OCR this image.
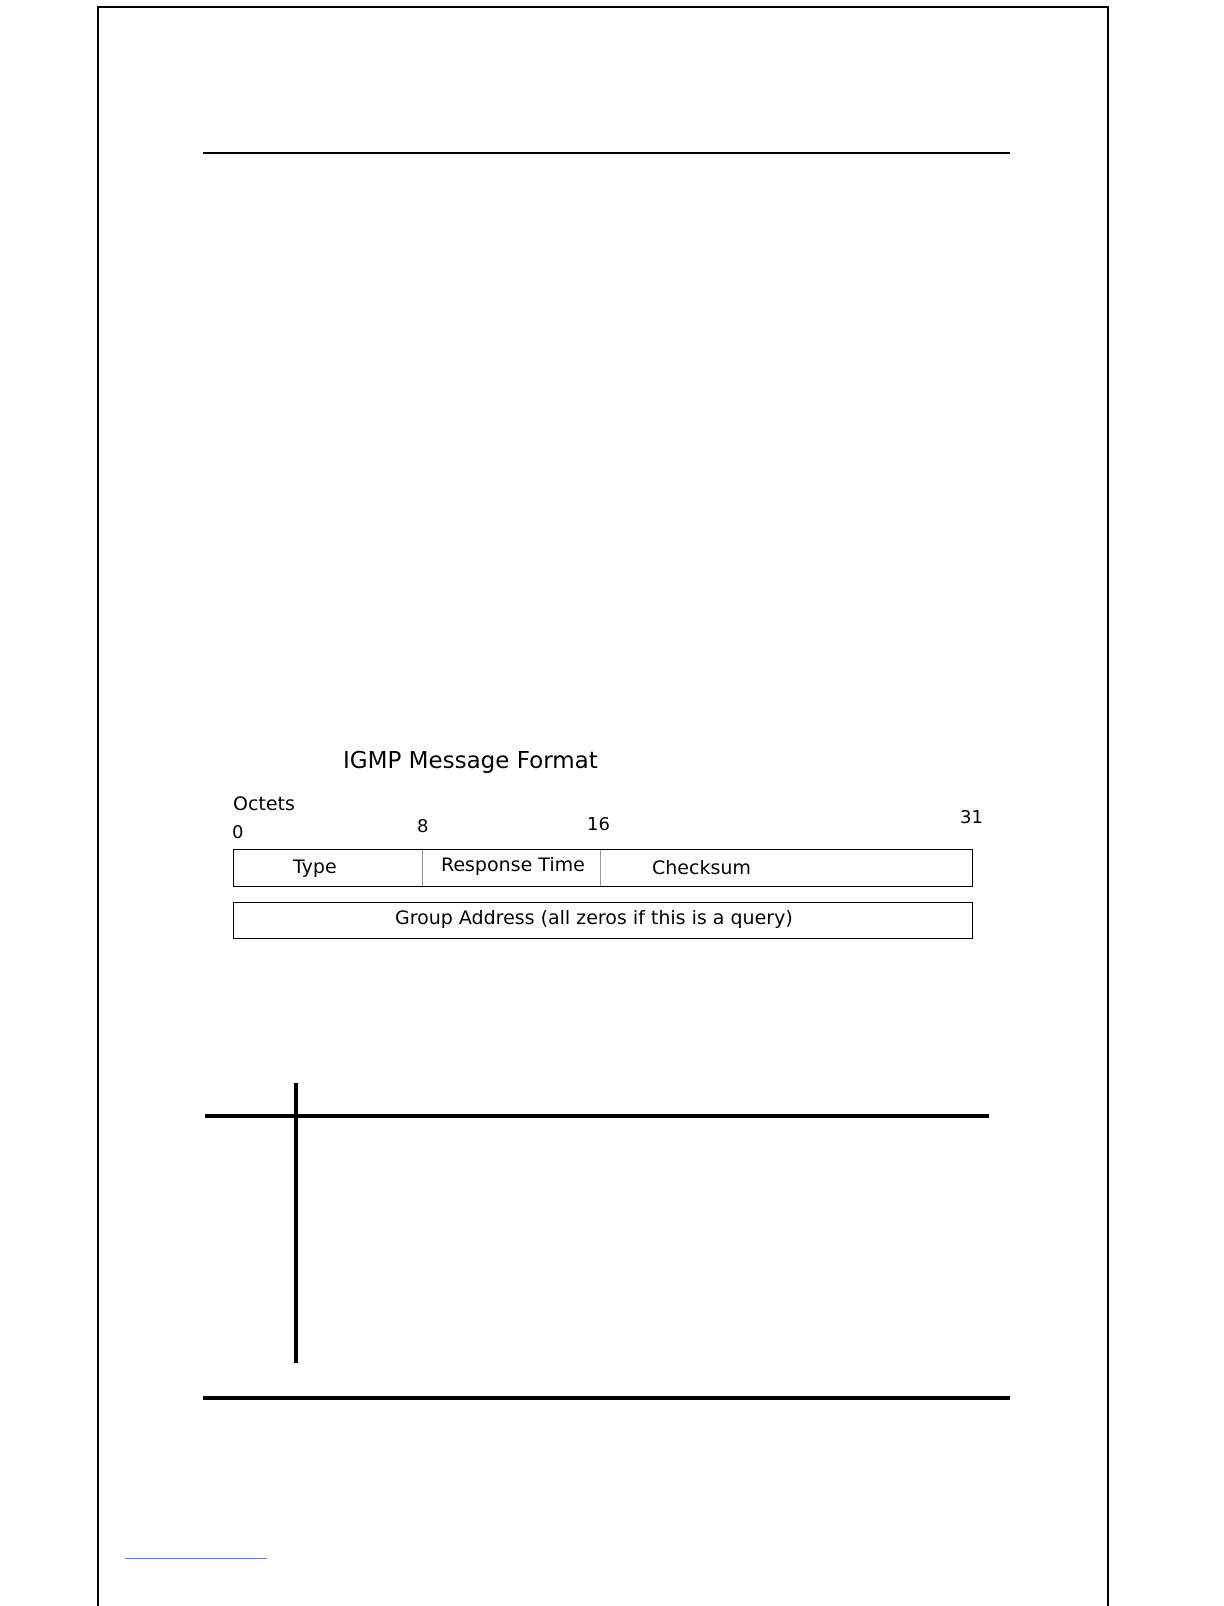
IGMP Message Format
Octets
0	8	16	31
Type	Response Time	Checksum
Group Address (all zeros if this is a query)
